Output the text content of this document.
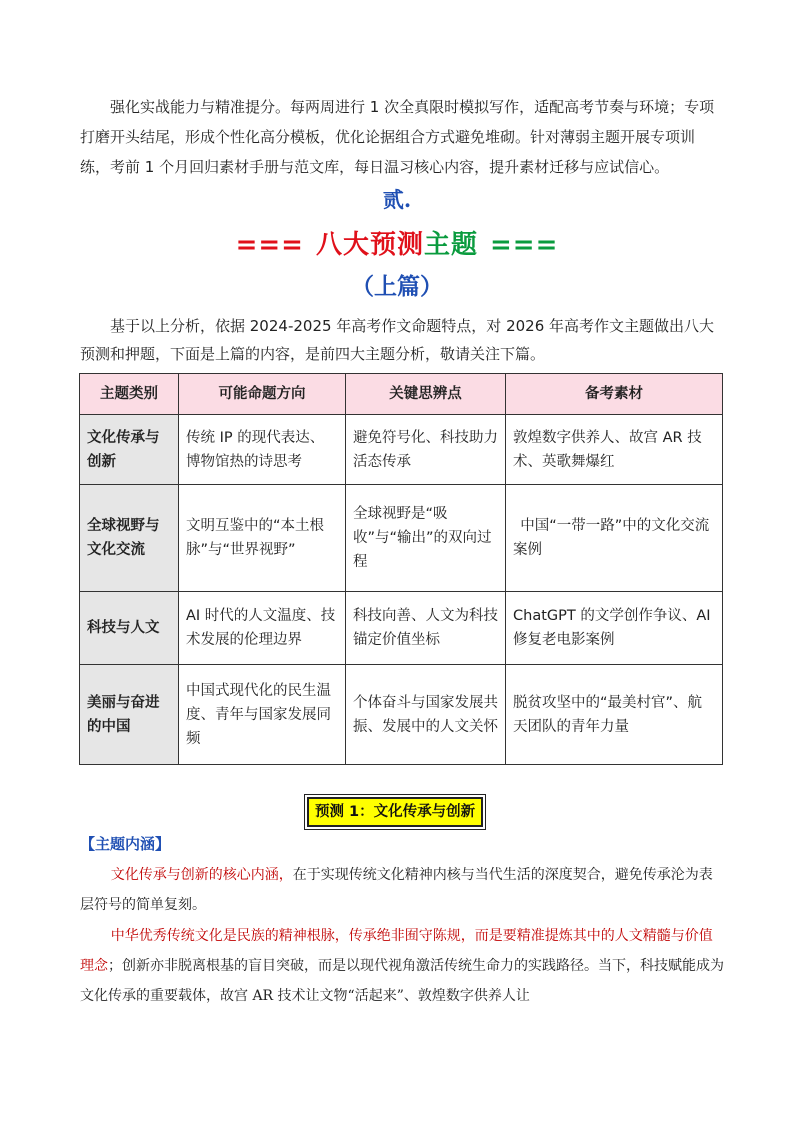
强化实战能力与精准提分。每两周进行 1 次全真限时模拟写作，适配高考节奏与环境；专项打磨开头结尾，形成个性化高分模板，优化论据组合方式避免堆砌。针对薄弱主题开展专项训练，考前 1 个月回归素材手册与范文库，每日温习核心内容，提升素材迁移与应试信心。

贰.
=== 八大预测主题 ===
（上篇）

基于以上分析，依据 2024-2025 年高考作文命题特点，对 2026 年高考作文主题做出八大预测和押题，下面是上篇的内容，是前四大主题分析，敬请关注下篇。

主题类别	可能命题方向	关键思辨点	备考素材
文化传承与创新	传统 IP 的现代表达、博物馆热的诗思考	避免符号化、科技助力活态传承	敦煌数字供养人、故宫 AR 技术、英歌舞爆红
全球视野与文化交流	文明互鉴中的“本土根脉”与“世界视野”	全球视野是“吸收”与“输出”的双向过程	中国“一带一路”中的文化交流案例
科技与人文	AI 时代的人文温度、技术发展的伦理边界	科技向善、人文为科技锚定价值坐标	ChatGPT 的文学创作争议、AI 修复老电影案例
美丽与奋进的中国	中国式现代化的民生温度、青年与国家发展同频	个体奋斗与国家发展共振、发展中的人文关怀	脱贫攻坚中的“最美村官”、航天团队的青年力量
预测 1：文化传承与创新
【主题内涵】

文化传承与创新的核心内涵，在于实现传统文化精神内核与当代生活的深度契合，避免传承沦为表层符号的简单复刻。

中华优秀传统文化是民族的精神根脉，传承绝非囿守陈规，而是要精准提炼其中的人文精髓与价值理念；创新亦非脱离根基的盲目突破，而是以现代视角激活传统生命力的实践路径。当下，科技赋能成为文化传承的重要载体，故宫 AR 技术让文物“活起来”、敦煌数字供养人让
